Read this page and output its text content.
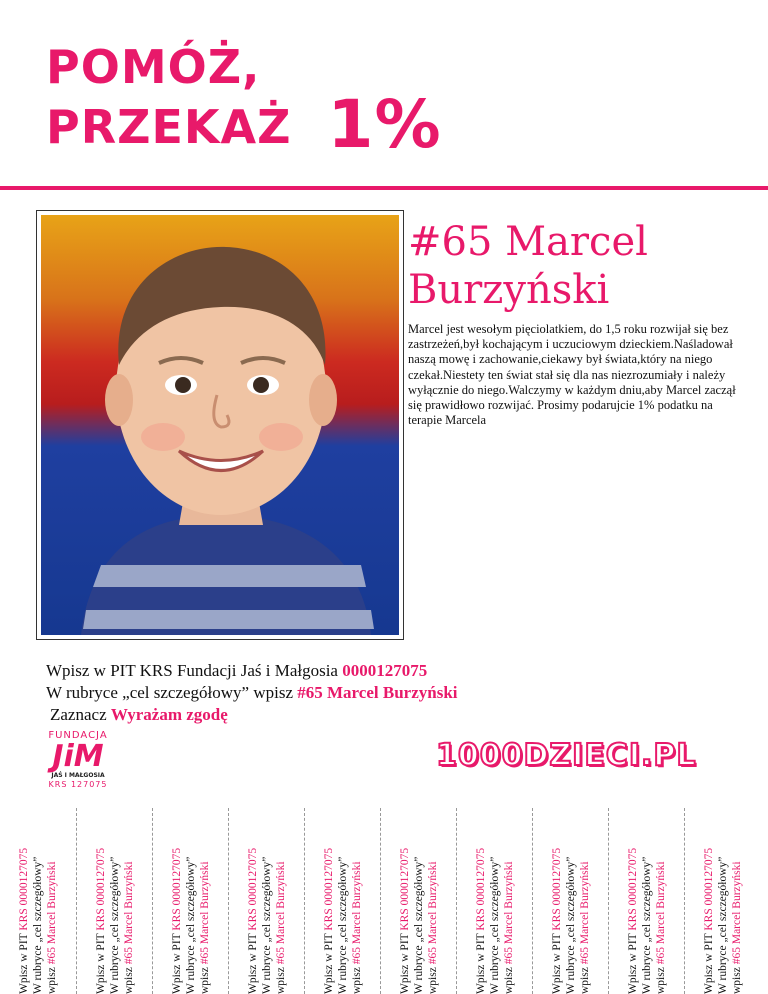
POMÓŻ,
PRZEKAŻ 1%
#65 Marcel
Burzyński
Marcel jest wesołym pięciolatkiem, do 1,5 roku rozwijał się bez zastrzeżeń,był kochającym i uczuciowym dzieckiem.Naśladował naszą mowę i zachowanie,ciekawy był świata,który na niego czekał.Niestety ten świat stał się dla nas niezrozumiały i należy wyłącznie do niego.Walczymy w każdym dniu,aby Marcel zaczął się prawidłowo rozwijać. Prosimy podarujcie 1% podatku na terapie Marcela
Wpisz w PIT KRS Fundacji Jaś i Małgosia 0000127075
W rubryce „cel szczegółowy” wpisz #65 Marcel Burzyński
Zaznacz Wyrażam zgodę
FUNDACJA
JiM
JAŚ I MAŁGOSIA
KRS 127075
1000DZIECI.PL
Wpisz w PIT KRS 0000127075 W rubryce „cel szczegółowy” wpisz #65 Marcel Burzyński	Wpisz w PIT KRS 0000127075 W rubryce „cel szczegółowy” wpisz #65 Marcel Burzyński	Wpisz w PIT KRS 0000127075 W rubryce „cel szczegółowy” wpisz #65 Marcel Burzyński	Wpisz w PIT KRS 0000127075 W rubryce „cel szczegółowy” wpisz #65 Marcel Burzyński	Wpisz w PIT KRS 0000127075 W rubryce „cel szczegółowy” wpisz #65 Marcel Burzyński	Wpisz w PIT KRS 0000127075 W rubryce „cel szczegółowy” wpisz #65 Marcel Burzyński	Wpisz w PIT KRS 0000127075 W rubryce „cel szczegółowy” wpisz #65 Marcel Burzyński	Wpisz w PIT KRS 0000127075 W rubryce „cel szczegółowy” wpisz #65 Marcel Burzyński	Wpisz w PIT KRS 0000127075 W rubryce „cel szczegółowy” wpisz #65 Marcel Burzyński	Wpisz w PIT KRS 0000127075 W rubryce „cel szczegółowy” wpisz #65 Marcel Burzyński
